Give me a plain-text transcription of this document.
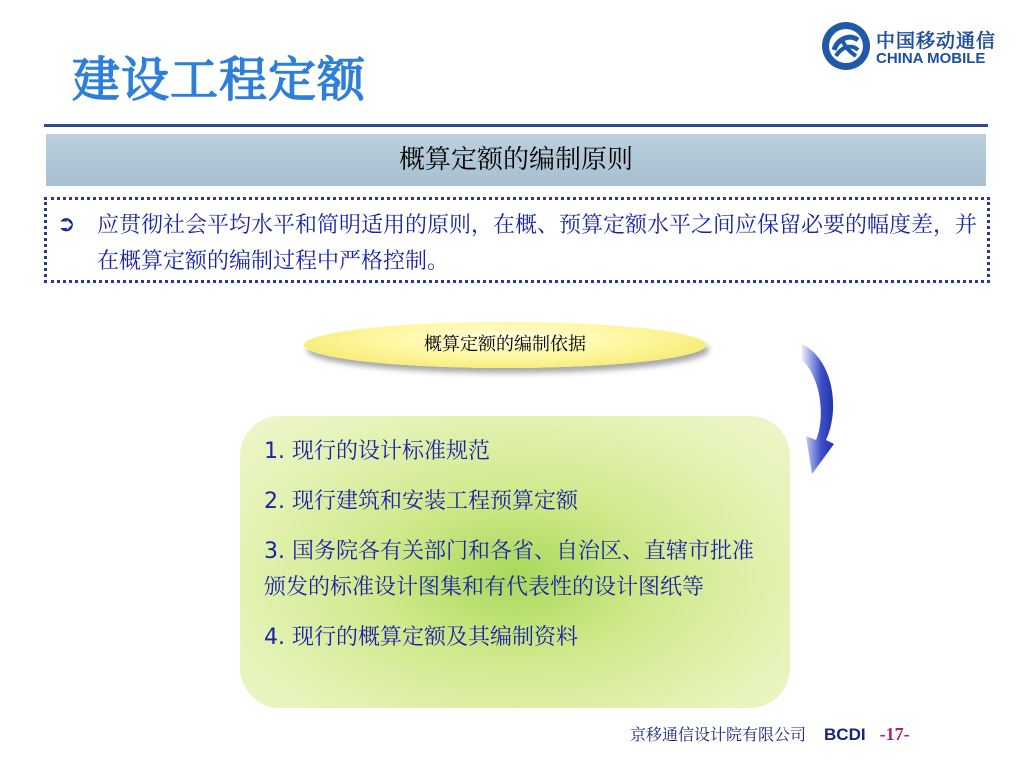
建设工程定额
中国移动通信
CHINA MOBILE
概算定额的编制原则
➲ 应贯彻社会平均水平和简明适用的原则，在概、预算定额水平之间应保留必要的幅度差，并在概算定额的编制过程中严格控制。
概算定额的编制依据
1. 现行的设计标准规范
2. 现行建筑和安装工程预算定额
3. 国务院各有关部门和各省、自治区、直辖市批准颁发的标准设计图集和有代表性的设计图纸等
4. 现行的概算定额及其编制资料
京移通信设计院有限公司 BCDI -17-
